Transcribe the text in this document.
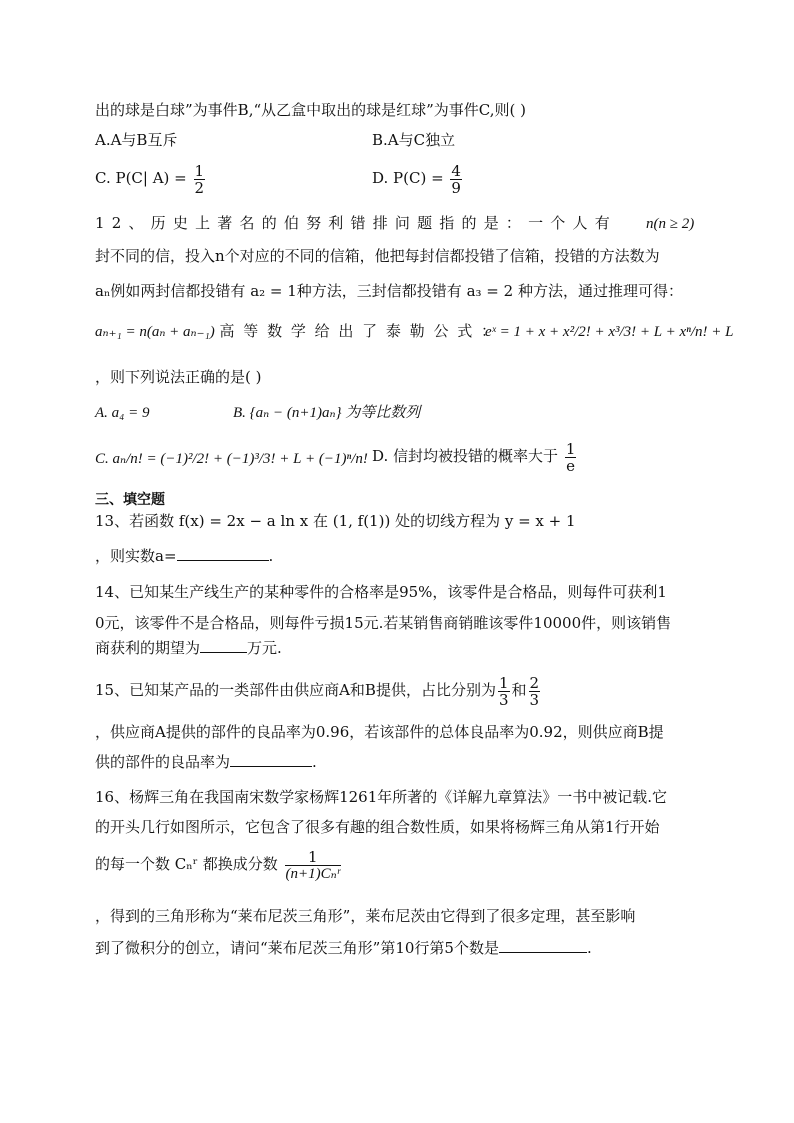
出的球是白球”为事件B,“从乙盒中取出的球是红球”为事件C,则( )
A.A与B互斥	B.A与C独立
C. P(C| $A) = \frac{1}{2}$	D. $P(C) = \frac{4}{9}$
12、历史上著名的伯努利错排问题指的是：一个人有 n(n ≥ 2)
封不同的信，投入n个对应的不同的信箱，他把每封信都投错了信箱，投错的方法数为
aₙ例如两封信都投错有 a₂ = 1种方法，三封信都投错有 a₃ = 2 种方法，通过推理可得：
aₙ₊₁ = n(aₙ + aₙ₋₁) 高 等 数 学 给 出 了 泰 勒 公 式 ：
eˣ = 1 + x + x²/2! + x³/3! + L + xⁿ/n! + L
，则下列说法正确的是( )
A. a₄ = 9	B. {aₙ − (n+1)aₙ} 为等比数列
C. aₙ/n! = (−1)²/2! + (−1)³/3! + L + (−1)ⁿ/n! D. 信封均被投错的概率大于 $\frac{1}{e}$
三、填空题
13、若函数 f(x) = 2x − a ln x 在 (1, f(1)) 处的切线方程为 y = x + 1
，则实数a=	.
14、已知某生产线生产的某种零件的合格率是95%，该零件是合格品，则每件可获利1
0元，该零件不是合格品，则每件亏损15元.若某销售商销睢该零件10000件，则该销售
商获利的期望为	万元.
15、已知某产品的一类部件由供应商A和B提供，占比分别为 $\frac{1}{3}$ 和 $\frac{2}{3}$
，供应商A提供的部件的良品率为0.96，若该部件的总体良品率为0.92，则供应商B提
供的部件的良品率为	.
16、杨辉三角在我国南宋数学家杨辉1261年所著的《详解九章算法》一书中被记载.它
的开头几行如图所示，它包含了很多有趣的组合数性质，如果将杨辉三角从第1行开始
的每一个数 Cₙʳ 都换成分数 $\frac{1}{\text{(n+1)Cₙʳ}}$
，得到的三角形称为“莱布尼茨三角形”，莱布尼茨由它得到了很多定理，甚至影响
到了微积分的创立，请问“莱布尼茨三角形”第10行第5个数是	.
